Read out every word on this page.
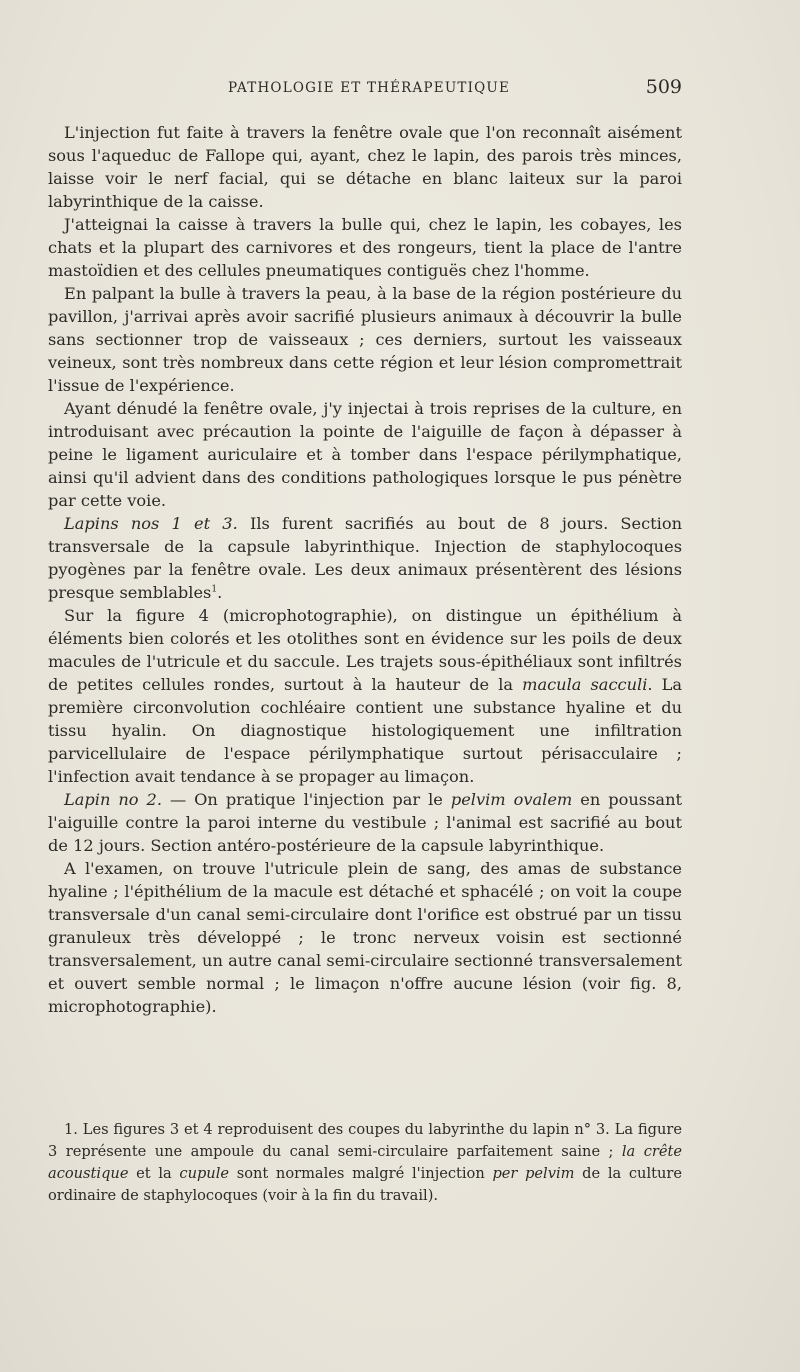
PATHOLOGIE ET THÉRAPEUTIQUE	509

L'injection fut faite à travers la fenêtre ovale que l'on reconnaît aisément sous l'aqueduc de Fallope qui, ayant, chez le lapin, des parois très minces, laisse voir le nerf facial, qui se détache en blanc laiteux sur la paroi labyrinthique de la caisse.

J'atteignai la caisse à travers la bulle qui, chez le lapin, les cobayes, les chats et la plupart des carnivores et des rongeurs, tient la place de l'antre mastoïdien et des cellules pneumatiques contiguës chez l'homme.

En palpant la bulle à travers la peau, à la base de la région postérieure du pavillon, j'arrivai après avoir sacrifié plusieurs animaux à découvrir la bulle sans sectionner trop de vaisseaux ; ces derniers, surtout les vaisseaux veineux, sont très nombreux dans cette région et leur lésion compromettrait l'issue de l'expérience.

Ayant dénudé la fenêtre ovale, j'y injectai à trois reprises de la culture, en introduisant avec précaution la pointe de l'aiguille de façon à dépasser à peine le ligament auriculaire et à tomber dans l'espace périlymphatique, ainsi qu'il advient dans des conditions pathologiques lorsque le pus pénètre par cette voie.

Lapins nos 1 et 3. Ils furent sacrifiés au bout de 8 jours. Section transversale de la capsule labyrinthique. Injection de staphylocoques pyogènes par la fenêtre ovale. Les deux animaux présentèrent des lésions presque semblables$^1$.

Sur la figure 4 (microphotographie), on distingue un épithélium à éléments bien colorés et les otolithes sont en évidence sur les poils de deux macules de l'utricule et du saccule. Les trajets sous-épithéliaux sont infiltrés de petites cellules rondes, surtout à la hauteur de la macula sacculi. La première circonvolution cochléaire contient une substance hyaline et du tissu hyalin. On diagnostique histologiquement une infiltration parvicellulaire de l'espace périlymphatique surtout périsacculaire ; l'infection avait tendance à se propager au limaçon.

Lapin no 2. — On pratique l'injection par le pelvim ovalem en poussant l'aiguille contre la paroi interne du vestibule ; l'animal est sacrifié au bout de 12 jours. Section antéro-postérieure de la capsule labyrinthique.

A l'examen, on trouve l'utricule plein de sang, des amas de substance hyaline ; l'épithélium de la macule est détaché et sphacélé ; on voit la coupe transversale d'un canal semi-circulaire dont l'orifice est obstrué par un tissu granuleux très développé ; le tronc nerveux voisin est sectionné transversalement, un autre canal semi-circulaire sectionné transversalement et ouvert semble normal ; le limaçon n'offre aucune lésion (voir fig. 8, microphotographie).

1. Les figures 3 et 4 reproduisent des coupes du labyrinthe du lapin n° 3. La figure 3 représente une ampoule du canal semi-circulaire parfaitement saine ; la crête acoustique et la cupule sont normales malgré l'injection per pelvim de la culture ordinaire de staphylocoques (voir à la fin du travail).
